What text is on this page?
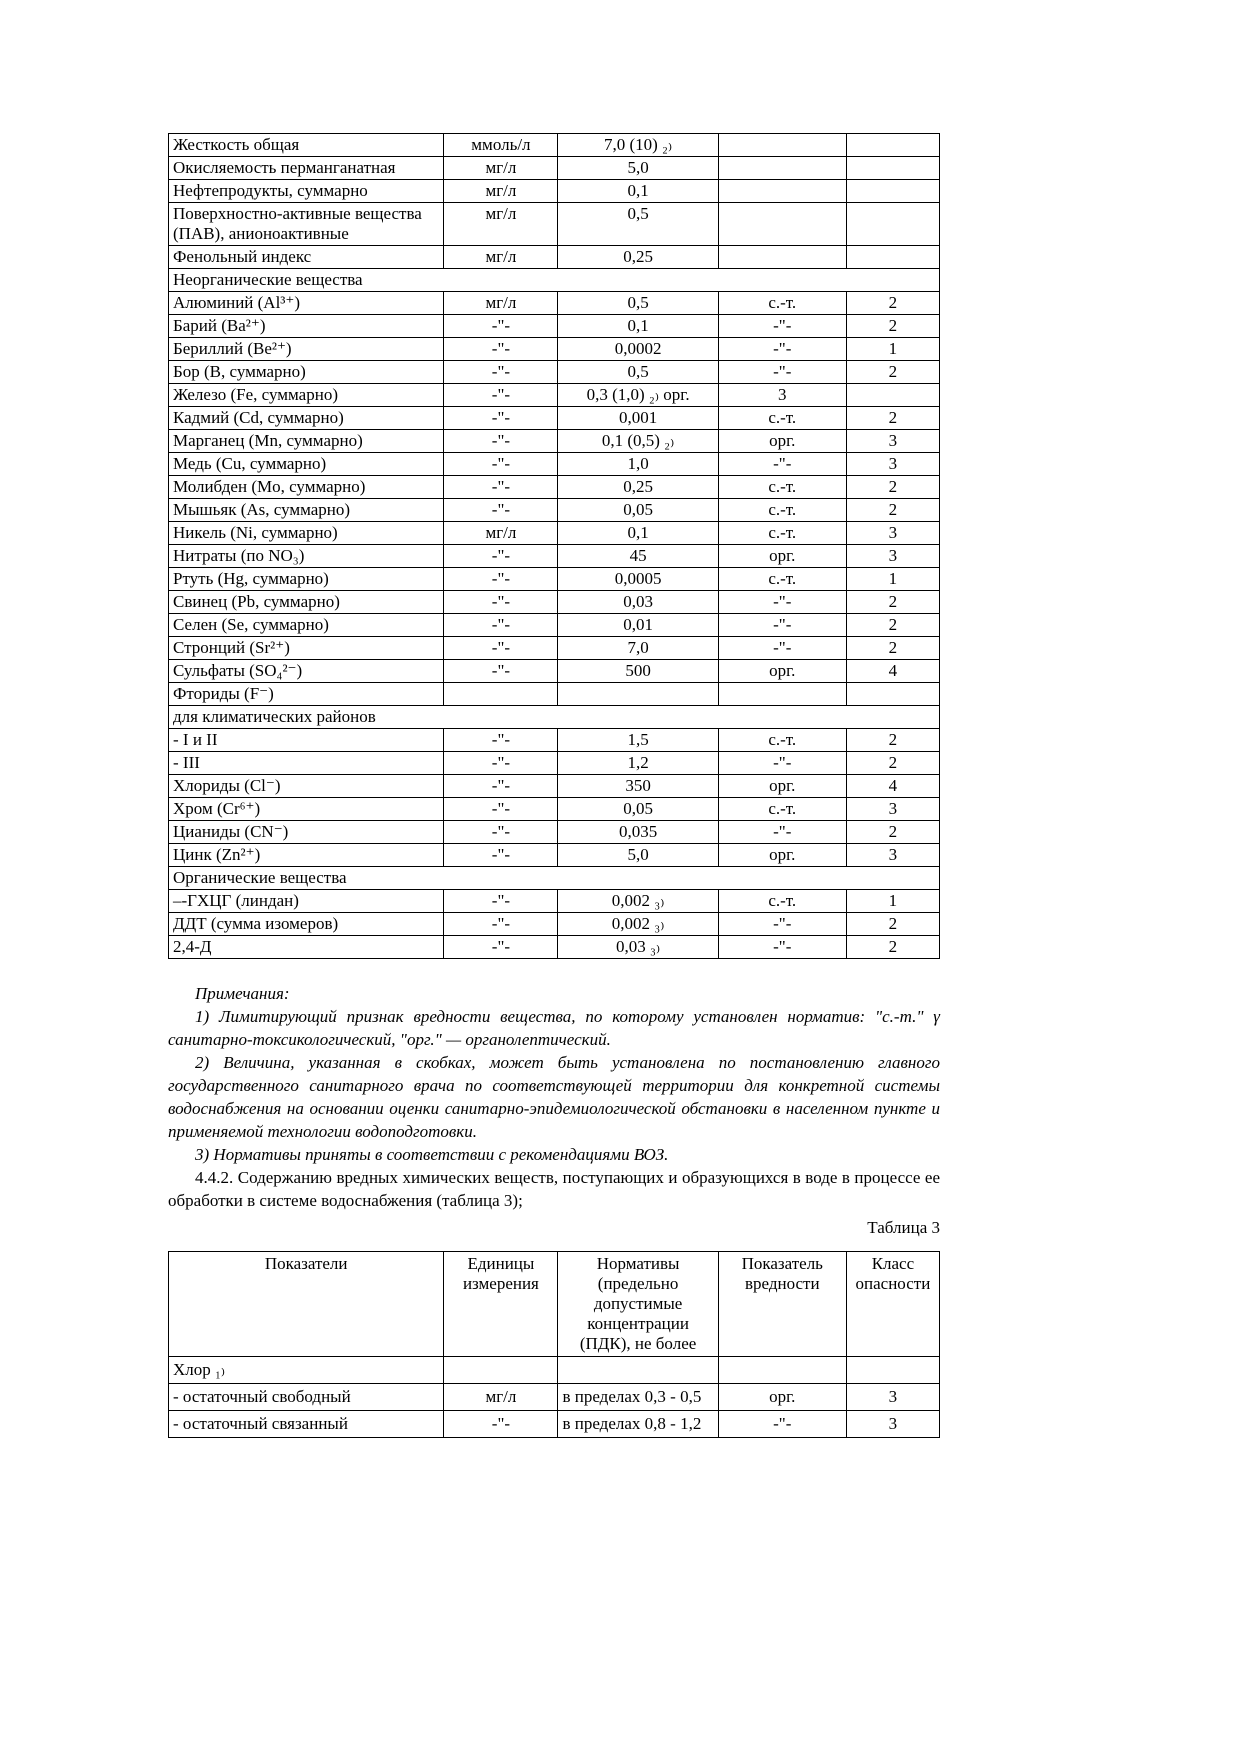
Жесткость общая	ммоль/л	7,0 (10) ₂₎		
Окисляемость перманганатная	мг/л	5,0		
Нефтепродукты, суммарно	мг/л	0,1		
Поверхностно-активные вещества (ПАВ), анионоактивные	мг/л	0,5		
Фенольный индекс	мг/л	0,25		
Неорганические вещества				
Алюминий (Al³⁺)	мг/л	0,5	с.-т.	2
Барий (Ba²⁺)	-"-	0,1	-"-	2
Бериллий (Be²⁺)	-"-	0,0002	-"-	1
Бор (B, суммарно)	-"-	0,5	-"-	2
Железо (Fe, суммарно)	-"-	0,3 (1,0) ₂₎ орг.	3	
Кадмий (Cd, суммарно)	-"-	0,001	с.-т.	2
Марганец (Mn, суммарно)	-"-	0,1 (0,5) ₂₎	орг.	3
Медь (Cu, суммарно)	-"-	1,0	-"-	3
Молибден (Mo, суммарно)	-"-	0,25	с.-т.	2
Мышьяк (As, суммарно)	-"-	0,05	с.-т.	2
Никель (Ni, суммарно)	мг/л	0,1	с.-т.	3
Нитраты (по NO₃)	-"-	45	орг.	3
Ртуть (Hg, суммарно)	-"-	0,0005	с.-т.	1
Свинец (Pb, суммарно)	-"-	0,03	-"-	2
Селен (Se, суммарно)	-"-	0,01	-"-	2
Стронций (Sr²⁺)	-"-	7,0	-"-	2
Сульфаты (SO₄²⁻)	-"-	500	орг.	4
Фториды (F⁻)				
для климатических районов				
- I и II	-"-	1,5	с.-т.	2
- III	-"-	1,2	-"-	2
Хлориды (Cl⁻)	-"-	350	орг.	4
Хром (Cr⁶⁺)	-"-	0,05	с.-т.	3
Цианиды (CN⁻)	-"-	0,035	-"-	2
Цинк (Zn²⁺)	-"-	5,0	орг.	3
Органические вещества				
–-ГХЦГ (линдан)	-"-	0,002 ₃₎	с.-т.	1
ДДТ (сумма изомеров)	-"-	0,002 ₃₎	-"-	2
2,4-Д	-"-	0,03 ₃₎	-"-	2

Примечания:

1) Лимитирующий признак вредности вещества, по которому установлен норматив: "с.-т." γ санитарно-токсикологический, "орг." — органолептический.

2) Величина, указанная в скобках, может быть установлена по постановлению главного государственного санитарного врача по соответствующей территории для конкретной системы водоснабжения на основании оценки санитарно-эпидемиологической обстановки в населенном пункте и применяемой технологии водоподготовки.

3) Нормативы приняты в соответствии с рекомендациями ВОЗ.

4.4.2. Содержанию вредных химических веществ, поступающих и образующихся в воде в процессе ее обработки в системе водоснабжения (таблица 3);

Таблица 3

Показатели	Единицы измерения	Нормативы (предельно допустимые концентрации (ПДК), не более	Показатель вредности	Класс опасности
Хлор ₁₎				
- остаточный свободный	мг/л	в пределах 0,3 - 0,5	орг.	3
- остаточный связанный	-"-	в пределах 0,8 - 1,2	-"-	3
